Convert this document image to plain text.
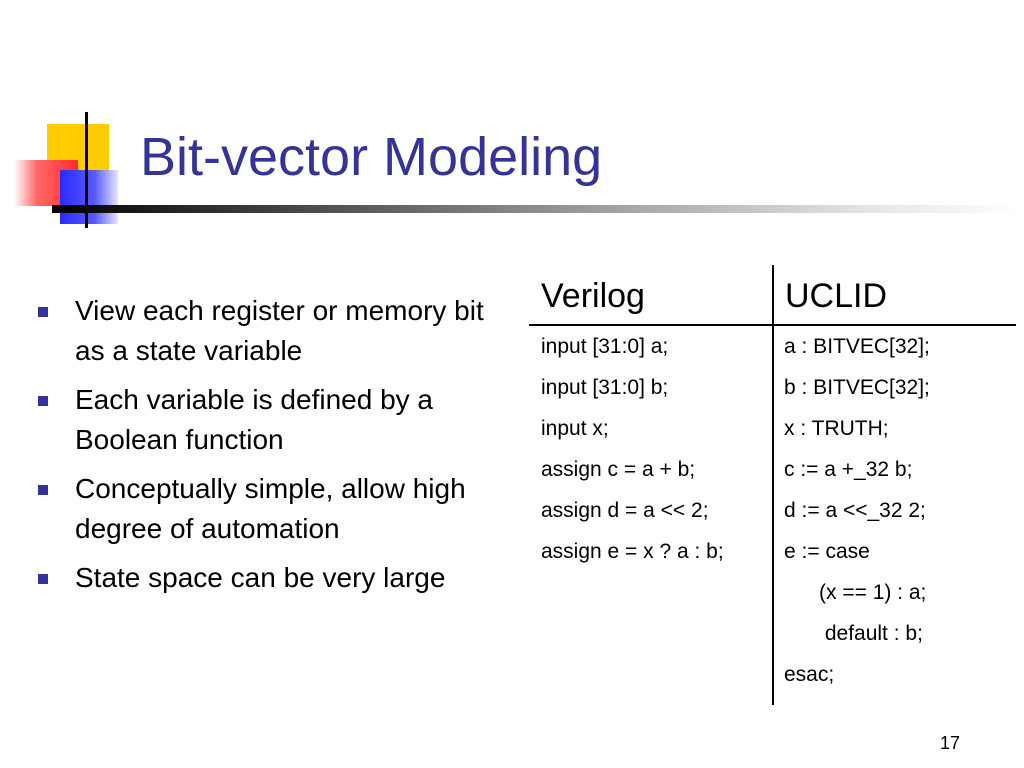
Bit-vector Modeling
View each register or memory bit as a state variable
Each variable is defined by a Boolean function
Conceptually simple, allow high degree of automation
State space can be very large
Verilog	UCLID
input [31:0] a;
input [31:0] b;
input x;
assign c = a + b;
assign d = a << 2;
assign e = x ? a : b;
a : BITVEC[32];
b : BITVEC[32];
x : TRUTH;
c := a +_32 b;
d := a <<_32 2;
e := case
(x == 1) : a;
default : b;
esac;
17
